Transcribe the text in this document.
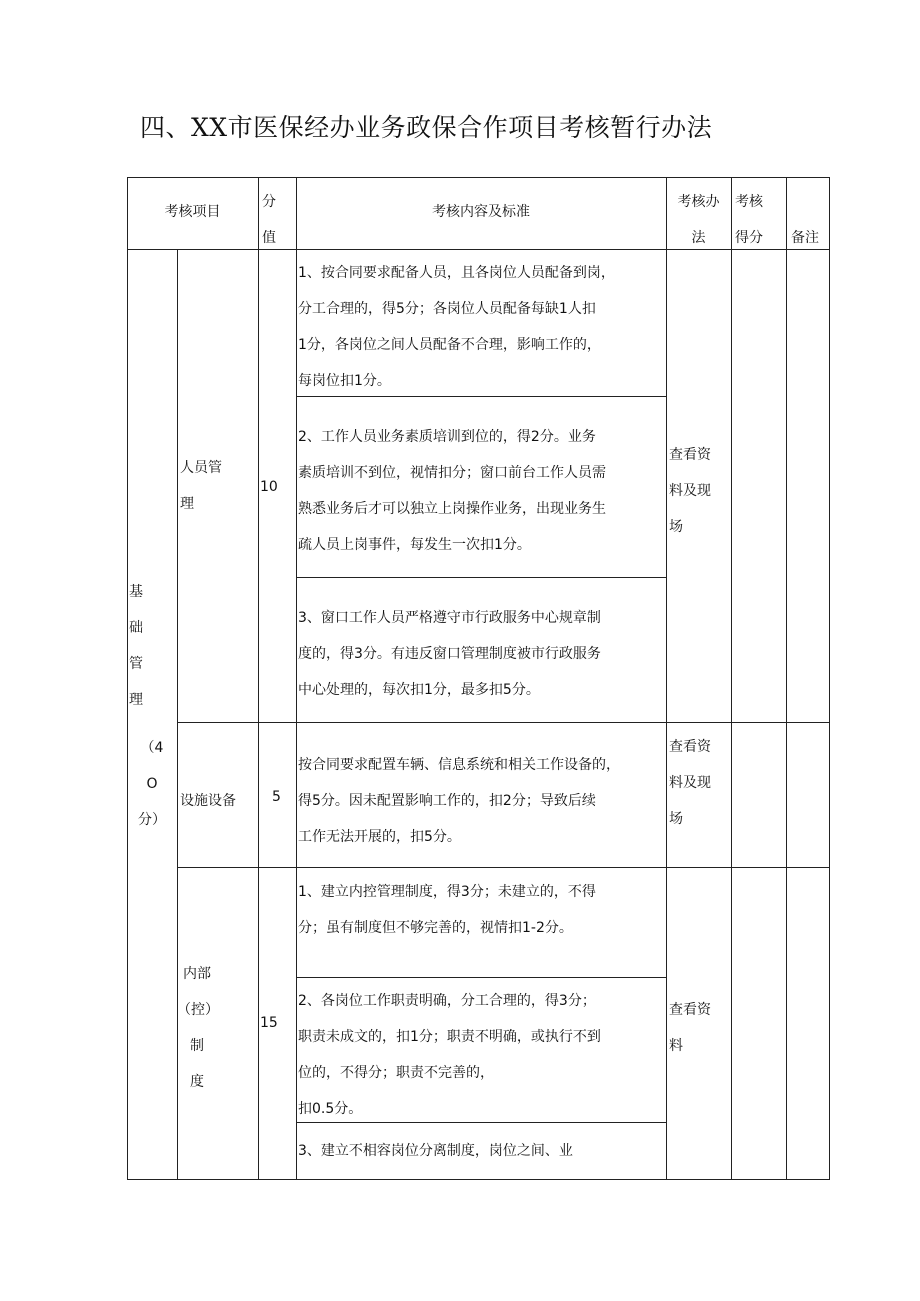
四、XX市医保经办业务政保合作项目考核暂行办法
考核项目
分
值
考核内容及标准
考核办
法
考核
得分 备注
基
础
管
理
（4
O
分）
人员管
理
10
1、按合同要求配备人员，且各岗位人员配备到岗，
分工合理的，得5分；各岗位人员配备每缺1人扣
1分，各岗位之间人员配备不合理，影响工作的，
每岗位扣1分。
2、工作人员业务素质培训到位的，得2分。业务
素质培训不到位，视情扣分；窗口前台工作人员需
熟悉业务后才可以独立上岗操作业务，出现业务生
疏人员上岗事件，每发生一次扣1分。
3、窗口工作人员严格遵守市行政服务中心规章制
度的，得3分。有违反窗口管理制度被市行政服务
中心处理的，每次扣1分，最多扣5分。
查看资
料及现
场
设施设备	5
按合同要求配置车辆、信息系统和相关工作设备的，
得5分。因未配置影响工作的，扣2分；导致后续
工作无法开展的，扣5分。
查看资
料及现
场
内部
（控）
制
度
15
1、建立内控管理制度，得3分；未建立的，不得
分；虽有制度但不够完善的，视情扣1-2分。
2、各岗位工作职责明确，分工合理的，得3分；
职责未成文的，扣1分；职责不明确，或执行不到
位的，不得分；职责不完善的，
扣0.5分。
3、建立不相容岗位分离制度，岗位之间、业
查看资
料
